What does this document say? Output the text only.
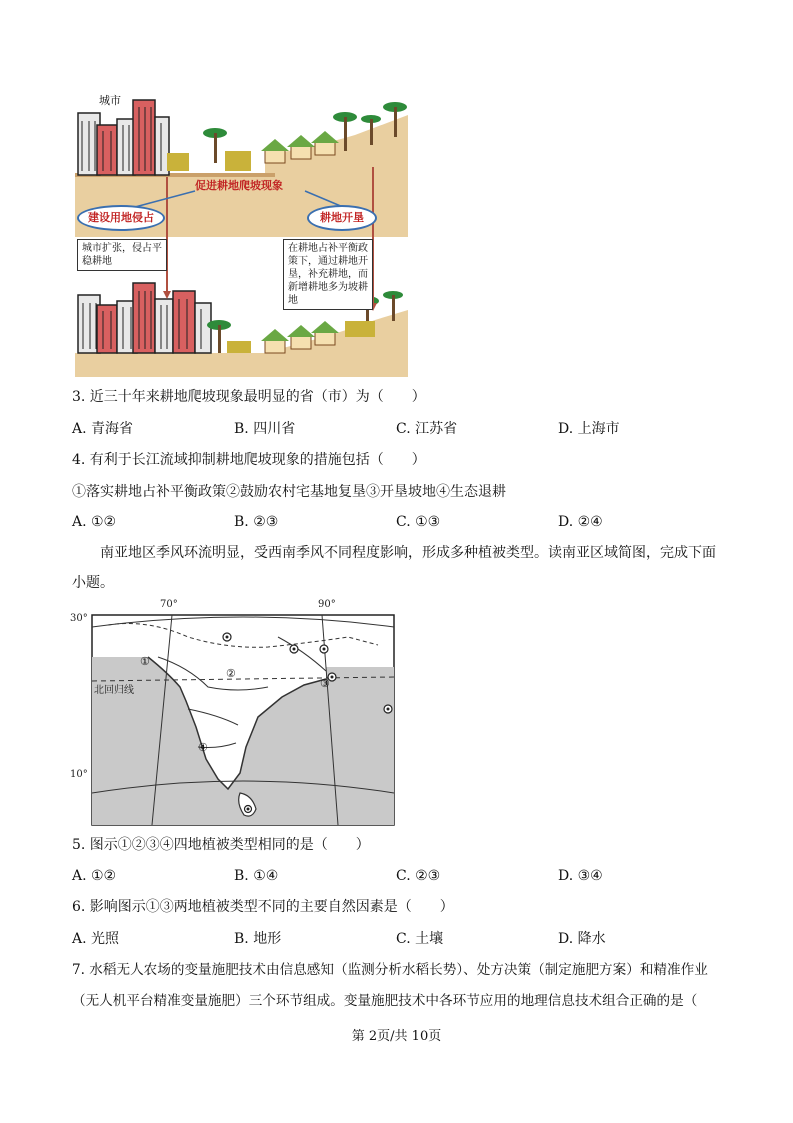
城市
促进耕地爬坡现象
建设用地侵占	耕地开垦
城市扩张，侵占平稳耕地
在耕地占补平衡政策下，通过耕地开垦，补充耕地，而新增耕地多为坡耕地
3. 近三十年来耕地爬坡现象最明显的省（市）为（　　）
A. 青海省	B. 四川省	C. 江苏省	D. 上海市
4. 有利于长江流域抑制耕地爬坡现象的措施包括（　　）
①落实耕地占补平衡政策②鼓励农村宅基地复垦③开垦坡地④生态退耕
A. ①②	B. ②③	C. ①③	D. ②④
南亚地区季风环流明显，受西南季风不同程度影响，形成多种植被类型。读南亚区域简图，完成下面
小题。
70°	90°
30°
10°
北回归线
①
②
③
④
5. 图示①②③④四地植被类型相同的是（　　）
A. ①②	B. ①④	C. ②③	D. ③④
6. 影响图示①③两地植被类型不同的主要自然因素是（　　）
A. 光照	B. 地形	C. 土壤	D. 降水
7. 水稻无人农场的变量施肥技术由信息感知（监测分析水稻长势）、处方决策（制定施肥方案）和精准作业
（无人机平台精准变量施肥）三个环节组成。变量施肥技术中各环节应用的地理信息技术组合正确的是（
第 2页/共 10页
